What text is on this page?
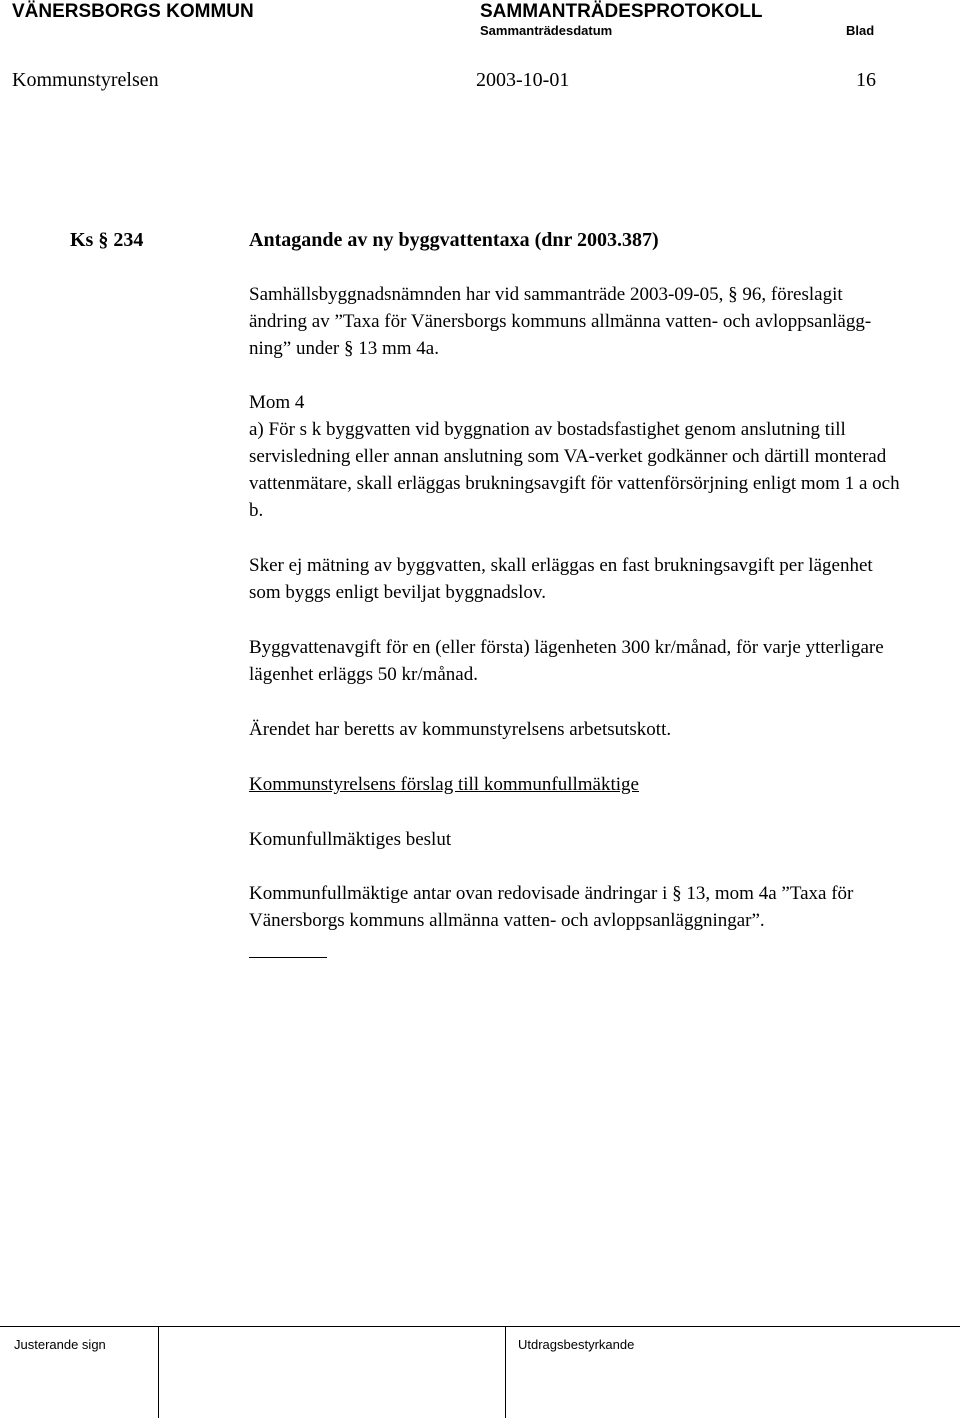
VÄNERSBORGS KOMMUN	SAMMANTRÄDESPROTOKOLL
Sammanträdesdatum	Blad
Kommunstyrelsen	2003-10-01	16
Ks § 234	Antagande av ny byggvattentaxa (dnr 2003.387)

Samhällsbyggnadsnämnden har vid sammanträde 2003-09-05, § 96, föreslagit
ändring av ”Taxa för Vänersborgs kommuns allmänna vatten- och avloppsanlägg-
ning” under § 13 mm 4a.

Mom 4
a) För s k byggvatten vid byggnation av bostadsfastighet genom anslutning till
servisledning eller annan anslutning som VA-verket godkänner och därtill monterad
vattenmätare, skall erläggas brukningsavgift för vattenförsörjning enligt mom 1 a och
b.

Sker ej mätning av byggvatten, skall erläggas en fast brukningsavgift per lägenhet
som byggs enligt beviljat byggnadslov.

Byggvattenavgift för en (eller första) lägenheten 300 kr/månad, för varje ytterligare
lägenhet erläggs 50 kr/månad.

Ärendet har beretts av kommunstyrelsens arbetsutskott.

Kommunstyrelsens förslag till kommunfullmäktige

Komunfullmäktiges beslut

Kommunfullmäktige antar ovan redovisade ändringar i § 13, mom 4a ”Taxa för
Vänersborgs kommuns allmänna vatten- och avloppsanläggningar”.

Justerande sign	Utdragsbestyrkande
